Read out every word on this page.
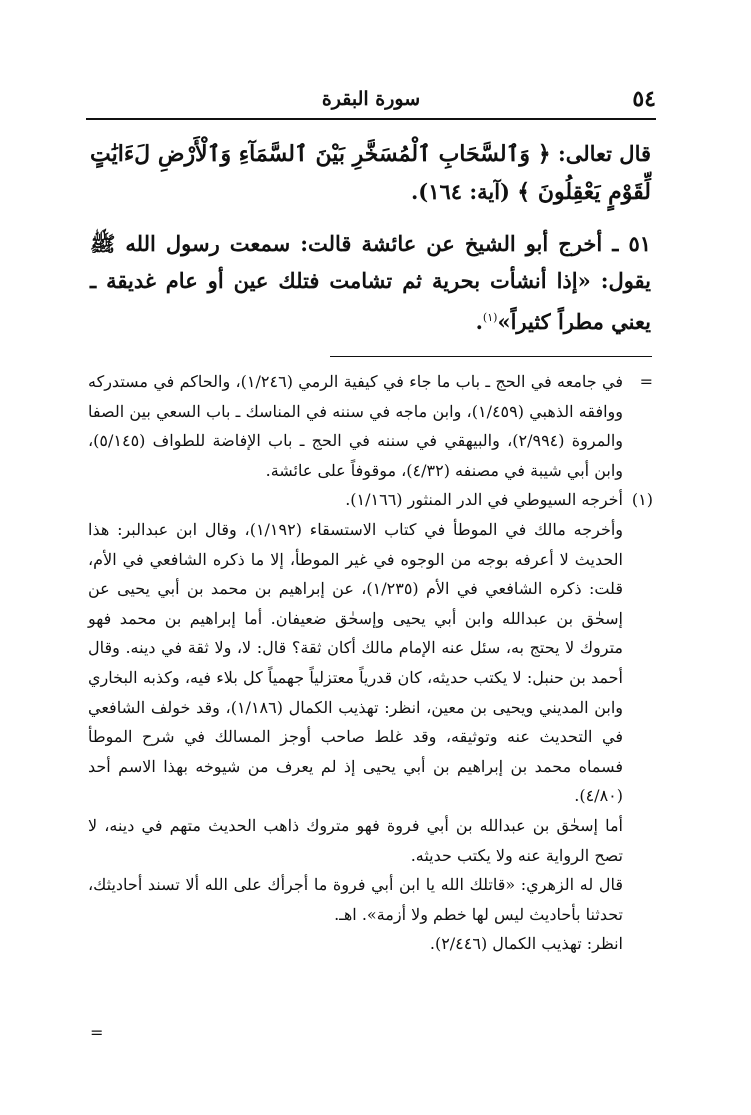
٥٤
سورة البقرة

قال تعالى: ﴿ وَٱلسَّحَابِ ٱلْمُسَخَّرِ بَيْنَ ٱلسَّمَآءِ وَٱلْأَرْضِ لَءَايَٰتٍ لِّقَوْمٍ يَعْقِلُونَ ﴾ (آية: ١٦٤).

٥١ ـ أخرج أبو الشيخ عن عائشة قالت: سمعت رسول الله ﷺ يقول: «إذا أنشأت بحرية ثم تشامت فتلك عين أو عام غديقة ـ يعني مطراً كثيراً»$^{(١)}$.

=
في جامعه في الحج ـ باب ما جاء في كيفية الرمي (١/٢٤٦)، والحاكم في مستدركه ووافقه الذهبي (١/٤٥٩)، وابن ماجه في سننه في المناسك ـ باب السعي بين الصفا والمروة (٢/٩٩٤)، والبيهقي في سننه في الحج ـ باب الإفاضة للطواف (٥/١٤٥)، وابن أبي شيبة في مصنفه (٤/٣٢)، موقوفاً على عائشة.
(١)
أخرجه السيوطي في الدر المنثور (١/١٦٦).
وأخرجه مالك في الموطأ في كتاب الاستسقاء (١/١٩٢)، وقال ابن عبدالبر: هذا الحديث لا أعرفه بوجه من الوجوه في غير الموطأ، إلا ما ذكره الشافعي في الأم، قلت: ذكره الشافعي في الأم (١/٢٣٥)، عن إبراهيم بن محمد بن أبي يحيى عن إسحٰق بن عبدالله وابن أبي يحيى وإسحٰق ضعيفان. أما إبراهيم بن محمد فهو متروك لا يحتج به، سئل عنه الإمام مالك أكان ثقة؟ قال: لا، ولا ثقة في دينه. وقال أحمد بن حنبل: لا يكتب حديثه، كان قدرياً معتزلياً جهمياً كل بلاء فيه، وكذبه البخاري وابن المديني ويحيى بن معين، انظر: تهذيب الكمال (١/١٨٦)، وقد خولف الشافعي في التحديث عنه وتوثيقه، وقد غلط صاحب أوجز المسالك في شرح الموطأ فسماه محمد بن إبراهيم بن أبي يحيى إذ لم يعرف من شيوخه بهذا الاسم أحد (٤/٨٠).
أما إسحٰق بن عبدالله بن أبي فروة فهو متروك ذاهب الحديث متهم في دينه، لا تصح الرواية عنه ولا يكتب حديثه.
قال له الزهري: «قاتلك الله يا ابن أبي فروة ما أجرأك على الله ألا تسند أحاديثك، تحدثنا بأحاديث ليس لها خطم ولا أزمة». اهـ.
انظر: تهذيب الكمال (٢/٤٤٦).
=
